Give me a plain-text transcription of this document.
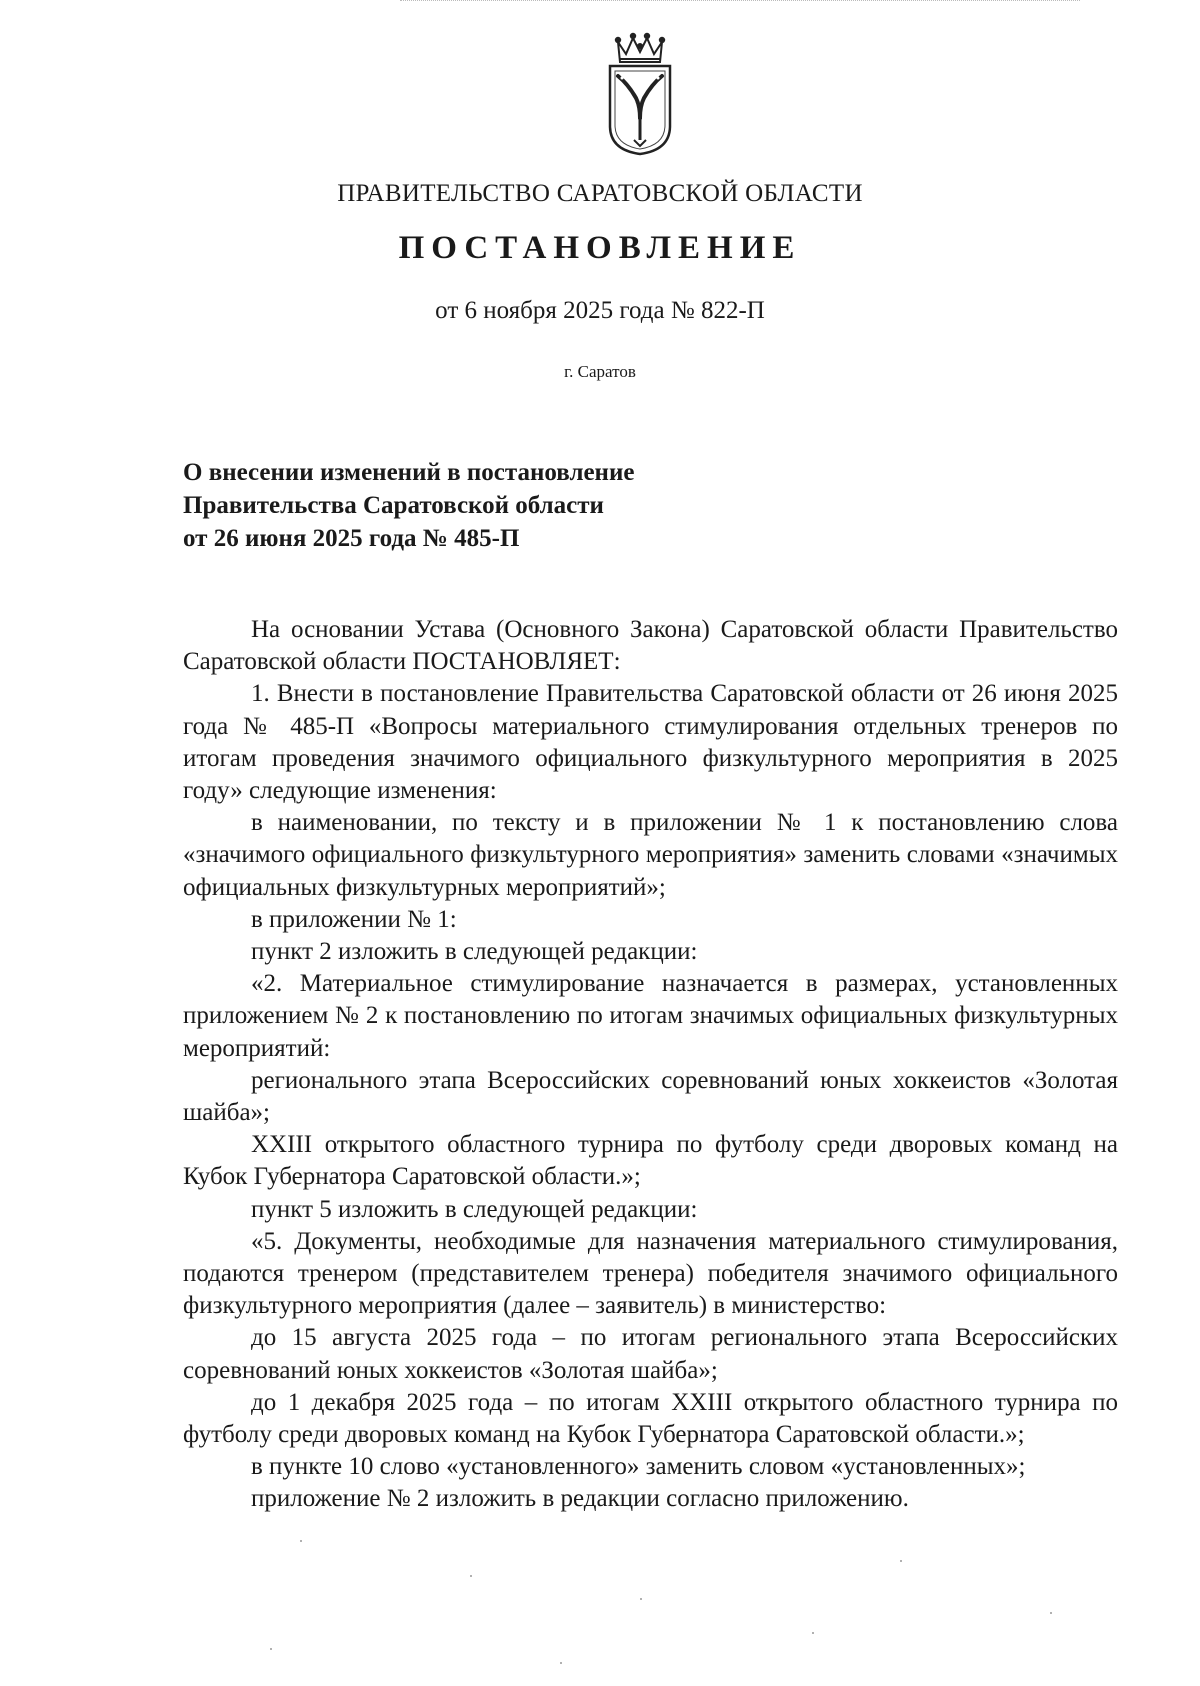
ПРАВИТЕЛЬСТВО САРАТОВСКОЙ ОБЛАСТИ
ПОСТАНОВЛЕНИЕ
от 6 ноября 2025 года № 822-П
г. Саратов
О внесении изменений в постановление
Правительства Саратовской области
от 26 июня 2025 года № 485-П

На основании Устава (Основного Закона) Саратовской области Правительство Саратовской области ПОСТАНОВЛЯЕТ:

1. Внести в постановление Правительства Саратовской области от 26 июня 2025 года № 485-П «Вопросы материального стимулирования отдельных тренеров по итогам проведения значимого официального физкультурного мероприятия в 2025 году» следующие изменения:

в наименовании, по тексту и в приложении № 1 к постановлению слова «значимого официального физкультурного мероприятия» заменить словами «значимых официальных физкультурных мероприятий»;

в приложении № 1:

пункт 2 изложить в следующей редакции:

«2. Материальное стимулирование назначается в размерах, установленных приложением № 2 к постановлению по итогам значимых официальных физкультурных мероприятий:

регионального этапа Всероссийских соревнований юных хоккеистов «Золотая шайба»;

XXIII открытого областного турнира по футболу среди дворовых команд на Кубок Губернатора Саратовской области.»;

пункт 5 изложить в следующей редакции:

«5. Документы, необходимые для назначения материального стимулирования, подаются тренером (представителем тренера) победителя значимого официального физкультурного мероприятия (далее – заявитель) в министерство:

до 15 августа 2025 года – по итогам регионального этапа Всероссийских соревнований юных хоккеистов «Золотая шайба»;

до 1 декабря 2025 года – по итогам XXIII открытого областного турнира по футболу среди дворовых команд на Кубок Губернатора Саратовской области.»;

в пункте 10 слово «установленного» заменить словом «установленных»;

приложение № 2 изложить в редакции согласно приложению.
